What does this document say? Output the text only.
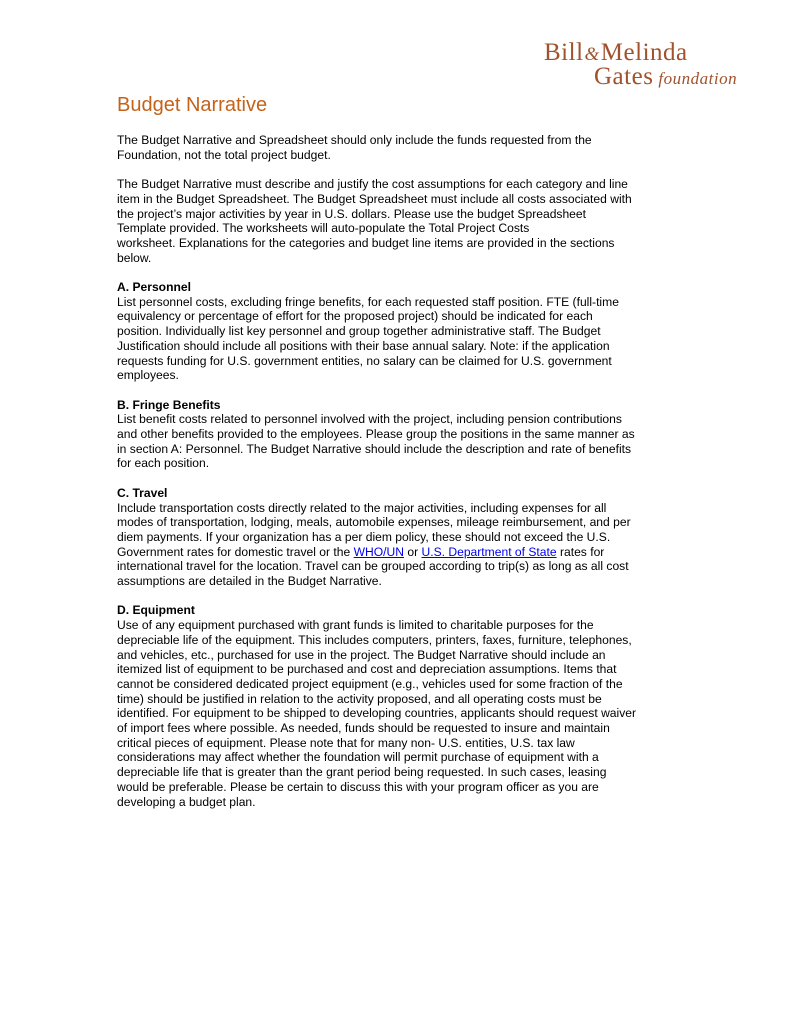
Bill&Melinda
Gates foundation
Budget Narrative

The Budget Narrative and Spreadsheet should only include the funds requested from the
Foundation, not the total project budget.

The Budget Narrative must describe and justify the cost assumptions for each category and line
item in the Budget Spreadsheet. The Budget Spreadsheet must include all costs associated with
the project’s major activities by year in U.S. dollars. Please use the budget Spreadsheet
Template provided. The worksheets will auto-populate the Total Project Costs
worksheet. Explanations for the categories and budget line items are provided in the sections
below.

A. Personnel

List personnel costs, excluding fringe benefits, for each requested staff position. FTE (full-time
equivalency or percentage of effort for the proposed project) should be indicated for each
position. Individually list key personnel and group together administrative staff. The Budget
Justification should include all positions with their base annual salary. Note: if the application
requests funding for U.S. government entities, no salary can be claimed for U.S. government
employees.

B. Fringe Benefits

List benefit costs related to personnel involved with the project, including pension contributions
and other benefits provided to the employees. Please group the positions in the same manner as
in section A: Personnel. The Budget Narrative should include the description and rate of benefits
for each position.

C. Travel

Include transportation costs directly related to the major activities, including expenses for all
modes of transportation, lodging, meals, automobile expenses, mileage reimbursement, and per
diem payments. If your organization has a per diem policy, these should not exceed the U.S.
Government rates for domestic travel or the WHO/UN or U.S. Department of State rates for
international travel for the location. Travel can be grouped according to trip(s) as long as all cost
assumptions are detailed in the Budget Narrative.

D. Equipment

Use of any equipment purchased with grant funds is limited to charitable purposes for the
depreciable life of the equipment. This includes computers, printers, faxes, furniture, telephones,
and vehicles, etc., purchased for use in the project. The Budget Narrative should include an
itemized list of equipment to be purchased and cost and depreciation assumptions. Items that
cannot be considered dedicated project equipment (e.g., vehicles used for some fraction of the
time) should be justified in relation to the activity proposed, and all operating costs must be
identified. For equipment to be shipped to developing countries, applicants should request waiver
of import fees where possible. As needed, funds should be requested to insure and maintain
critical pieces of equipment. Please note that for many non- U.S. entities, U.S. tax law
considerations may affect whether the foundation will permit purchase of equipment with a
depreciable life that is greater than the grant period being requested. In such cases, leasing
would be preferable. Please be certain to discuss this with your program officer as you are
developing a budget plan.
